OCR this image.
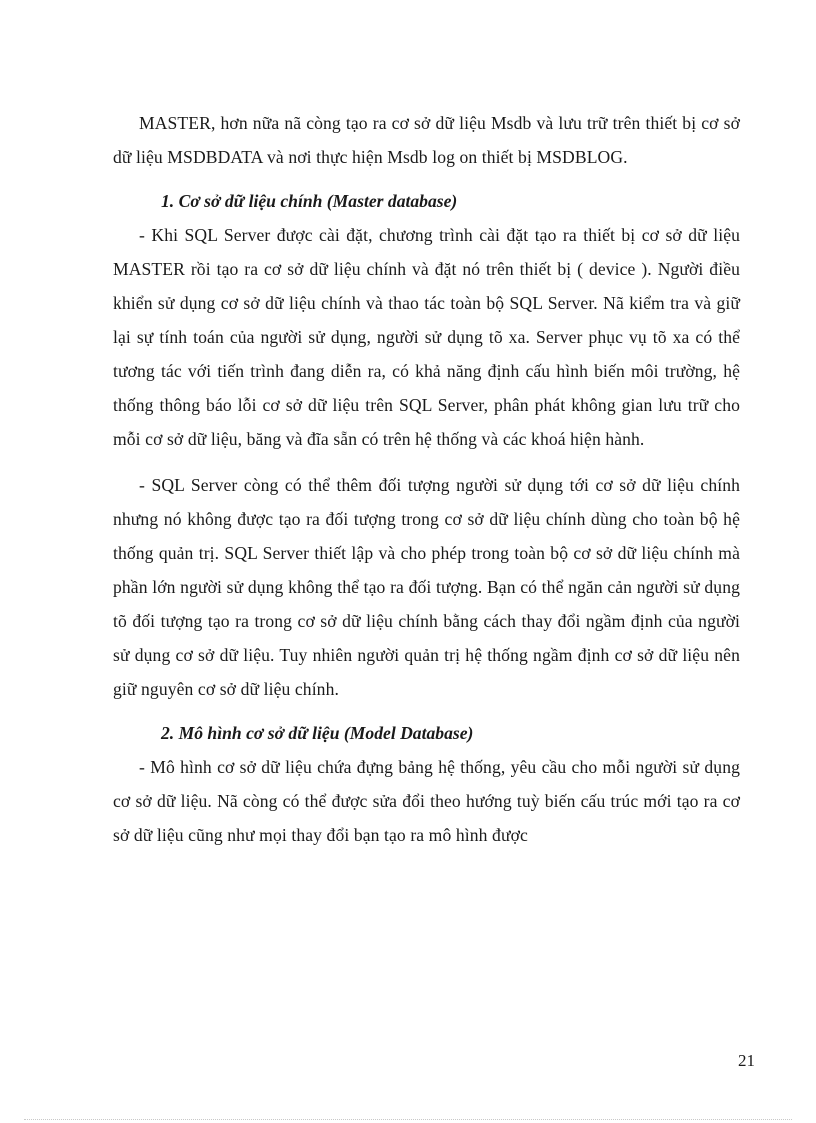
MASTER, hơn nữa nã còng tạo ra cơ sở dữ liệu Msdb và lưu trữ trên thiết bị cơ sở dữ liệu MSDBDATA và nơi thực hiện Msdb log on thiết bị MSDBLOG.

1. Cơ sở dữ liệu chính (Master database)

- Khi SQL Server được cài đặt, chương trình cài đặt tạo ra thiết bị cơ sở dữ liệu MASTER rồi tạo ra cơ sở dữ liệu chính và đặt nó trên thiết bị ( device ). Người điều khiển sử dụng cơ sở dữ liệu chính và thao tác toàn bộ SQL Server. Nã kiểm tra và giữ lại sự tính toán của người sử dụng, người sử dụng tõ xa. Server phục vụ tõ xa có thể tương tác với tiến trình đang diễn ra, có khả năng định cấu hình biến môi trường, hệ thống thông báo lỗi cơ sở dữ liệu trên SQL Server, phân phát không gian lưu trữ cho mỗi cơ sở dữ liệu, băng và đĩa sẵn có trên hệ thống và các khoá hiện hành.

- SQL Server còng có thể thêm đối tượng người sử dụng tới cơ sở dữ liệu chính nhưng nó không được tạo ra đối tượng trong cơ sở dữ liệu chính dùng cho toàn bộ hệ thống quản trị. SQL Server thiết lập và cho phép trong toàn bộ cơ sở dữ liệu chính mà phần lớn người sử dụng không thể tạo ra đối tượng. Bạn có thể ngăn cản người sử dụng tõ đối tượng tạo ra trong cơ sở dữ liệu chính bằng cách thay đổi ngầm định của người sử dụng cơ sở dữ liệu. Tuy nhiên người quản trị hệ thống ngầm định cơ sở dữ liệu nên giữ nguyên cơ sở dữ liệu chính.

2. Mô hình cơ sở dữ liệu (Model Database)

- Mô hình cơ sở dữ liệu chứa đựng bảng hệ thống, yêu cầu cho mỗi người sử dụng cơ sở dữ liệu. Nã còng có thể được sửa đổi theo hướng tuỳ biến cấu trúc mới tạo ra cơ sở dữ liệu cũng như mọi thay đổi bạn tạo ra mô hình được

21
